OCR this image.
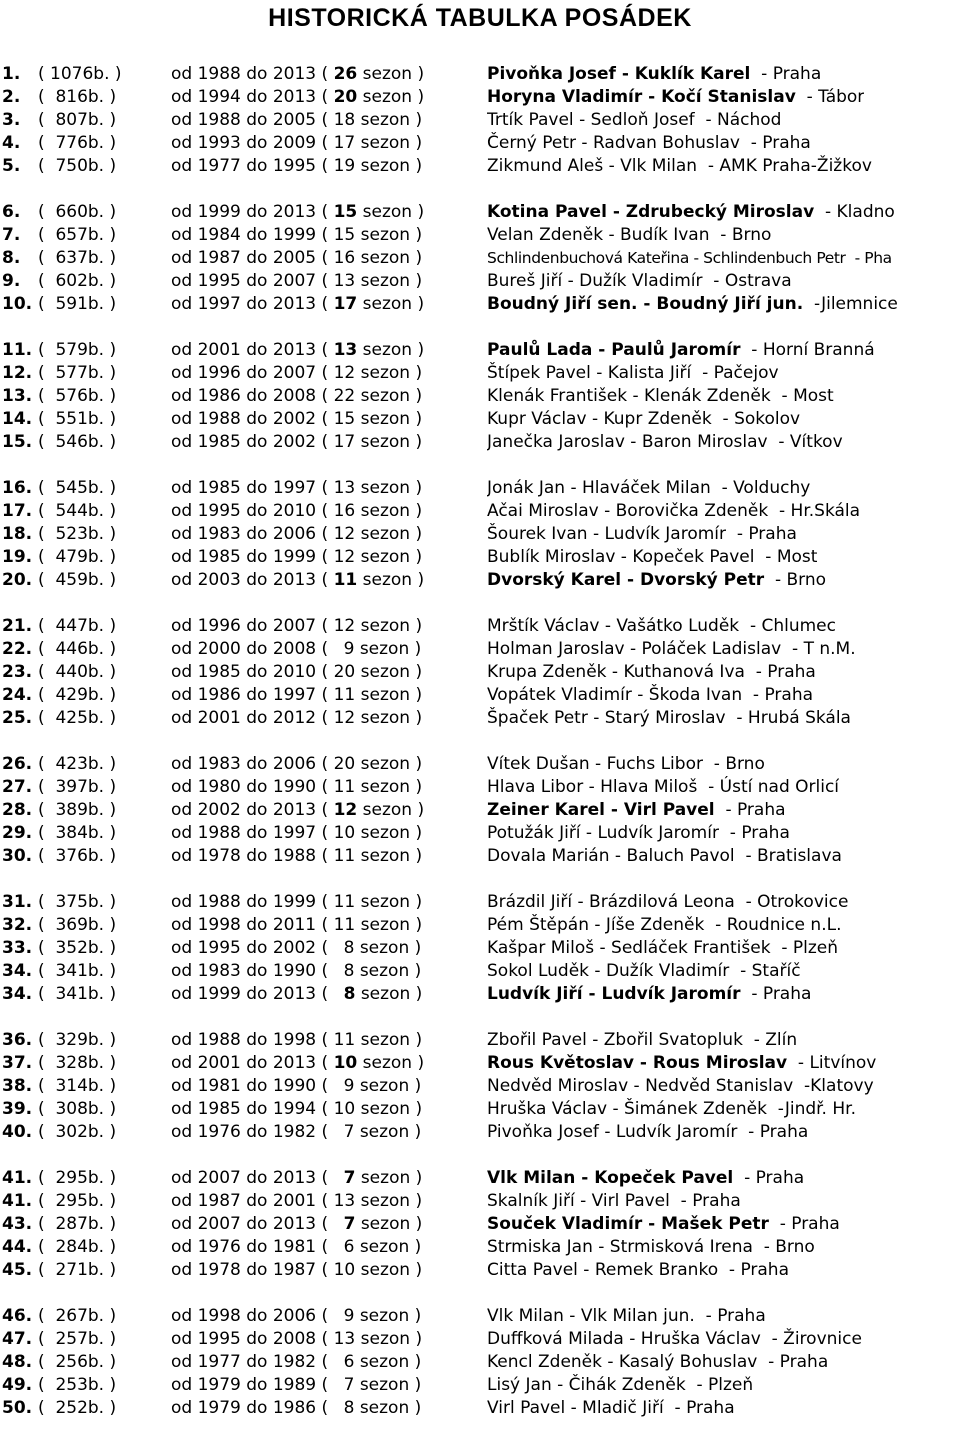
HISTORICKÁ TABULKA POSÁDEK
1. ( 1076b. )	od 1988 do 2013 ( 26 sezon )	Pivoňka Josef - Kuklík Karel - Praha
2. (  816b. )	od 1994 do 2013 ( 20 sezon )	Horyna Vladimír - Kočí Stanislav - Tábor
3. (  807b. )	od 1988 do 2005 ( 18 sezon )	Trtík Pavel - Sedloň Josef - Náchod
4. (  776b. )	od 1993 do 2009 ( 17 sezon )	Černý Petr - Radvan Bohuslav - Praha
5. (  750b. )	od 1977 do 1995 ( 19 sezon )	Zikmund Aleš - Vlk Milan - AMK Praha-Žižkov
6. (  660b. )	od 1999 do 2013 ( 15 sezon )	Kotina Pavel - Zdrubecký Miroslav - Kladno
7. (  657b. )	od 1984 do 1999 ( 15 sezon )	Velan Zdeněk - Budík Ivan - Brno
8. (  637b. )	od 1987 do 2005 ( 16 sezon )	Schlindenbuchová Kateřina - Schlindenbuch Petr - Pha
9. (  602b. )	od 1995 do 2007 ( 13 sezon )	Bureš Jiří - Dužík Vladimír - Ostrava
10. (  591b. )	od 1997 do 2013 ( 17 sezon )	Boudný Jiří sen. - Boudný Jiří jun. -Jilemnice
11. (  579b. )	od 2001 do 2013 ( 13 sezon )	Paulů Lada - Paulů Jaromír - Horní Branná
12. (  577b. )	od 1996 do 2007 ( 12 sezon )	Štípek Pavel - Kalista Jiří - Pačejov
13. (  576b. )	od 1986 do 2008 ( 22 sezon )	Klenák František - Klenák Zdeněk - Most
14. (  551b. )	od 1988 do 2002 ( 15 sezon )	Kupr Václav - Kupr Zdeněk - Sokolov
15. (  546b. )	od 1985 do 2002 ( 17 sezon )	Janečka Jaroslav - Baron Miroslav - Vítkov
16. (  545b. )	od 1985 do 1997 ( 13 sezon )	Jonák Jan - Hlaváček Milan - Volduchy
17. (  544b. )	od 1995 do 2010 ( 16 sezon )	Ačai Miroslav - Borovička Zdeněk - Hr.Skála
18. (  523b. )	od 1983 do 2006 ( 12 sezon )	Šourek Ivan - Ludvík Jaromír - Praha
19. (  479b. )	od 1985 do 1999 ( 12 sezon )	Bublík Miroslav - Kopeček Pavel - Most
20. (  459b. )	od 2003 do 2013 ( 11 sezon )	Dvorský Karel - Dvorský Petr - Brno
21. (  447b. )	od 1996 do 2007 ( 12 sezon )	Mrštík Václav - Vašátko Luděk - Chlumec
22. (  446b. )	od 2000 do 2008 ( 9 sezon )	Holman Jaroslav - Poláček Ladislav - T n.M.
23. (  440b. )	od 1985 do 2010 ( 20 sezon )	Krupa Zdeněk - Kuthanová Iva - Praha
24. (  429b. )	od 1986 do 1997 ( 11 sezon )	Vopátek Vladimír - Škoda Ivan - Praha
25. (  425b. )	od 2001 do 2012 ( 12 sezon )	Špaček Petr - Starý Miroslav - Hrubá Skála
26. (  423b. )	od 1983 do 2006 ( 20 sezon )	Vítek Dušan - Fuchs Libor - Brno
27. (  397b. )	od 1980 do 1990 ( 11 sezon )	Hlava Libor - Hlava Miloš - Ústí nad Orlicí
28. (  389b. )	od 2002 do 2013 ( 12 sezon )	Zeiner Karel - Virl Pavel - Praha
29. (  384b. )	od 1988 do 1997 ( 10 sezon )	Potužák Jiří - Ludvík Jaromír - Praha
30. (  376b. )	od 1978 do 1988 ( 11 sezon )	Dovala Marián - Baluch Pavol - Bratislava
31. (  375b. )	od 1988 do 1999 ( 11 sezon )	Brázdil Jiří - Brázdilová Leona - Otrokovice
32. (  369b. )	od 1998 do 2011 ( 11 sezon )	Pém Štěpán - Jíše Zdeněk - Roudnice n.L.
33. (  352b. )	od 1995 do 2002 ( 8 sezon )	Kašpar Miloš - Sedláček František - Plzeň
34. (  341b. )	od 1983 do 1990 ( 8 sezon )	Sokol Luděk - Dužík Vladimír - Staříč
34. (  341b. )	od 1999 do 2013 ( 8 sezon )	Ludvík Jiří - Ludvík Jaromír - Praha
36. (  329b. )	od 1988 do 1998 ( 11 sezon )	Zbořil Pavel - Zbořil Svatopluk - Zlín
37. (  328b. )	od 2001 do 2013 ( 10 sezon )	Rous Květoslav - Rous Miroslav - Litvínov
38. (  314b. )	od 1981 do 1990 ( 9 sezon )	Nedvěd Miroslav - Nedvěd Stanislav -Klatovy
39. (  308b. )	od 1985 do 1994 ( 10 sezon )	Hruška Václav - Šimánek Zdeněk -Jindř. Hr.
40. (  302b. )	od 1976 do 1982 ( 7 sezon )	Pivoňka Josef - Ludvík Jaromír - Praha
41. (  295b. )	od 2007 do 2013 ( 7 sezon )	Vlk Milan - Kopeček Pavel - Praha
41. (  295b. )	od 1987 do 2001 ( 13 sezon )	Skalník Jiří - Virl Pavel - Praha
43. (  287b. )	od 2007 do 2013 ( 7 sezon )	Souček Vladimír - Mašek Petr - Praha
44. (  284b. )	od 1976 do 1981 ( 6 sezon )	Strmiska Jan - Strmisková Irena - Brno
45. (  271b. )	od 1978 do 1987 ( 10 sezon )	Citta Pavel - Remek Branko - Praha
46. (  267b. )	od 1998 do 2006 ( 9 sezon )	Vlk Milan - Vlk Milan jun. - Praha
47. (  257b. )	od 1995 do 2008 ( 13 sezon )	Duffková Milada - Hruška Václav - Žirovnice
48. (  256b. )	od 1977 do 1982 ( 6 sezon )	Kencl Zdeněk - Kasalý Bohuslav - Praha
49. (  253b. )	od 1979 do 1989 ( 7 sezon )	Lisý Jan - Čihák Zdeněk - Plzeň
50. (  252b. )	od 1979 do 1986 ( 8 sezon )	Virl Pavel - Mladič Jiří - Praha
